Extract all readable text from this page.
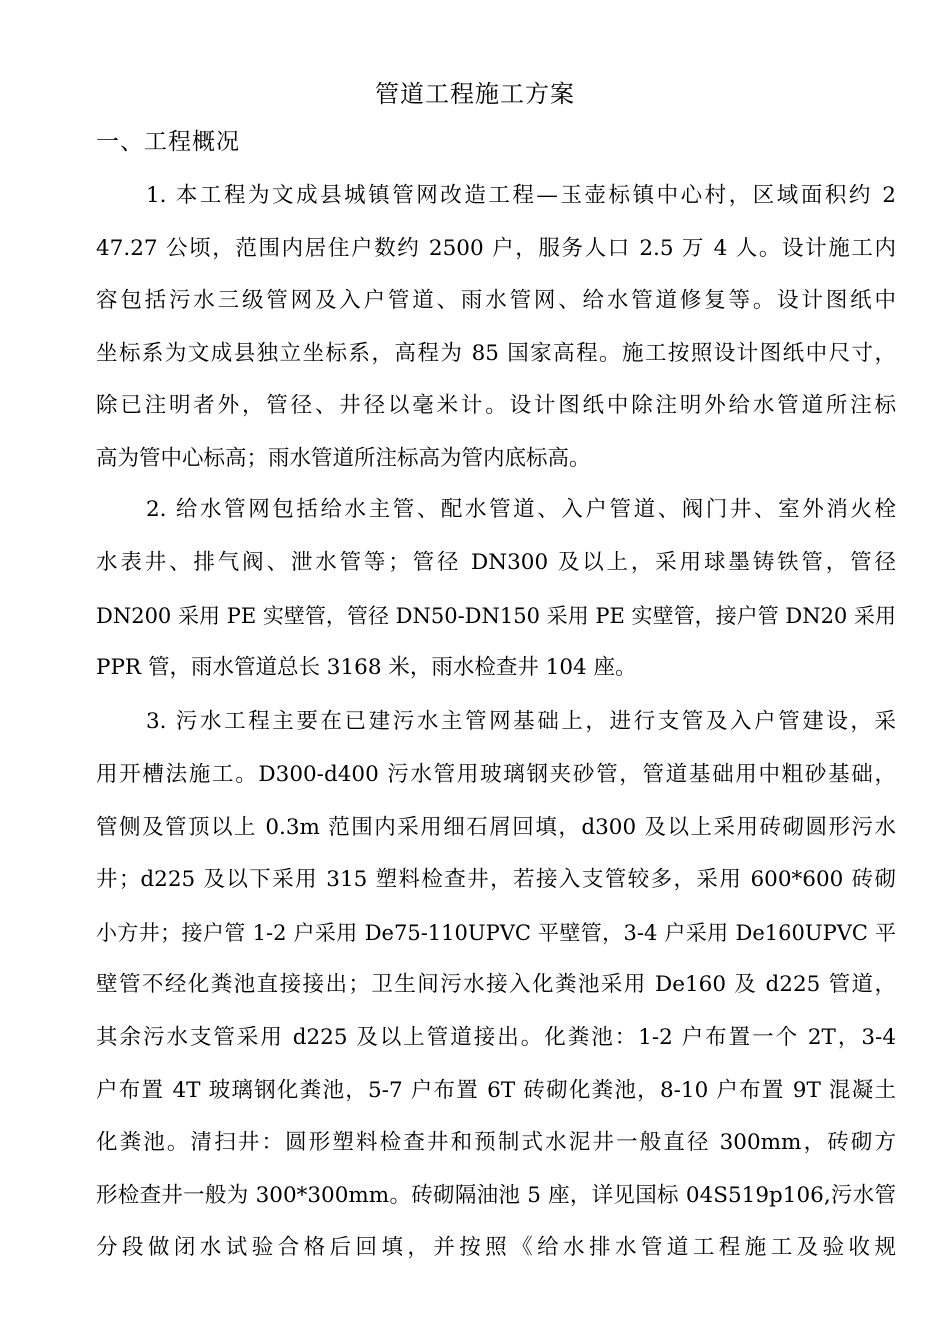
管道工程施工方案
一、工程概况
1. 本工程为文成县城镇管网改造工程—玉壶标镇中心村，区域面积约 2
47.27 公顷，范围内居住户数约 2500 户，服务人口 2.5 万 4 人。设计施工内
容包括污水三级管网及入户管道、雨水管网、给水管道修复等。设计图纸中
坐标系为文成县独立坐标系，高程为 85 国家高程。施工按照设计图纸中尺寸，
除已注明者外，管径、井径以毫米计。设计图纸中除注明外给水管道所注标
高为管中心标高；雨水管道所注标高为管内底标高。
2. 给水管网包括给水主管、配水管道、入户管道、阀门井、室外消火栓
水表井、排气阀、泄水管等；管径 DN300 及以上，采用球墨铸铁管，管径
DN200 采用 PE 实壁管，管径 DN50-DN150 采用 PE 实壁管，接户管 DN20 采用
PPR 管，雨水管道总长 3168 米，雨水检查井 104 座。
3. 污水工程主要在已建污水主管网基础上，进行支管及入户管建设，采
用开槽法施工。D300-d400 污水管用玻璃钢夹砂管，管道基础用中粗砂基础，
管侧及管顶以上 0.3m 范围内采用细石屑回填，d300 及以上采用砖砌圆形污水
井；d225 及以下采用 315 塑料检查井，若接入支管较多，采用 600*600 砖砌
小方井；接户管 1-2 户采用 De75-110UPVC 平壁管，3-4 户采用 De160UPVC 平
壁管不经化粪池直接接出；卫生间污水接入化粪池采用 De160 及 d225 管道，
其余污水支管采用 d225 及以上管道接出。化粪池：1-2 户布置一个 2T，3-4
户布置 4T 玻璃钢化粪池，5-7 户布置 6T 砖砌化粪池，8-10 户布置 9T 混凝土
化粪池。清扫井：圆形塑料检查井和预制式水泥井一般直径 300mm，砖砌方
形检查井一般为 300*300mm。砖砌隔油池 5 座，详见国标 04S519p106,污水管
分段做闭水试验合格后回填，并按照《给水排水管道工程施工及验收规
